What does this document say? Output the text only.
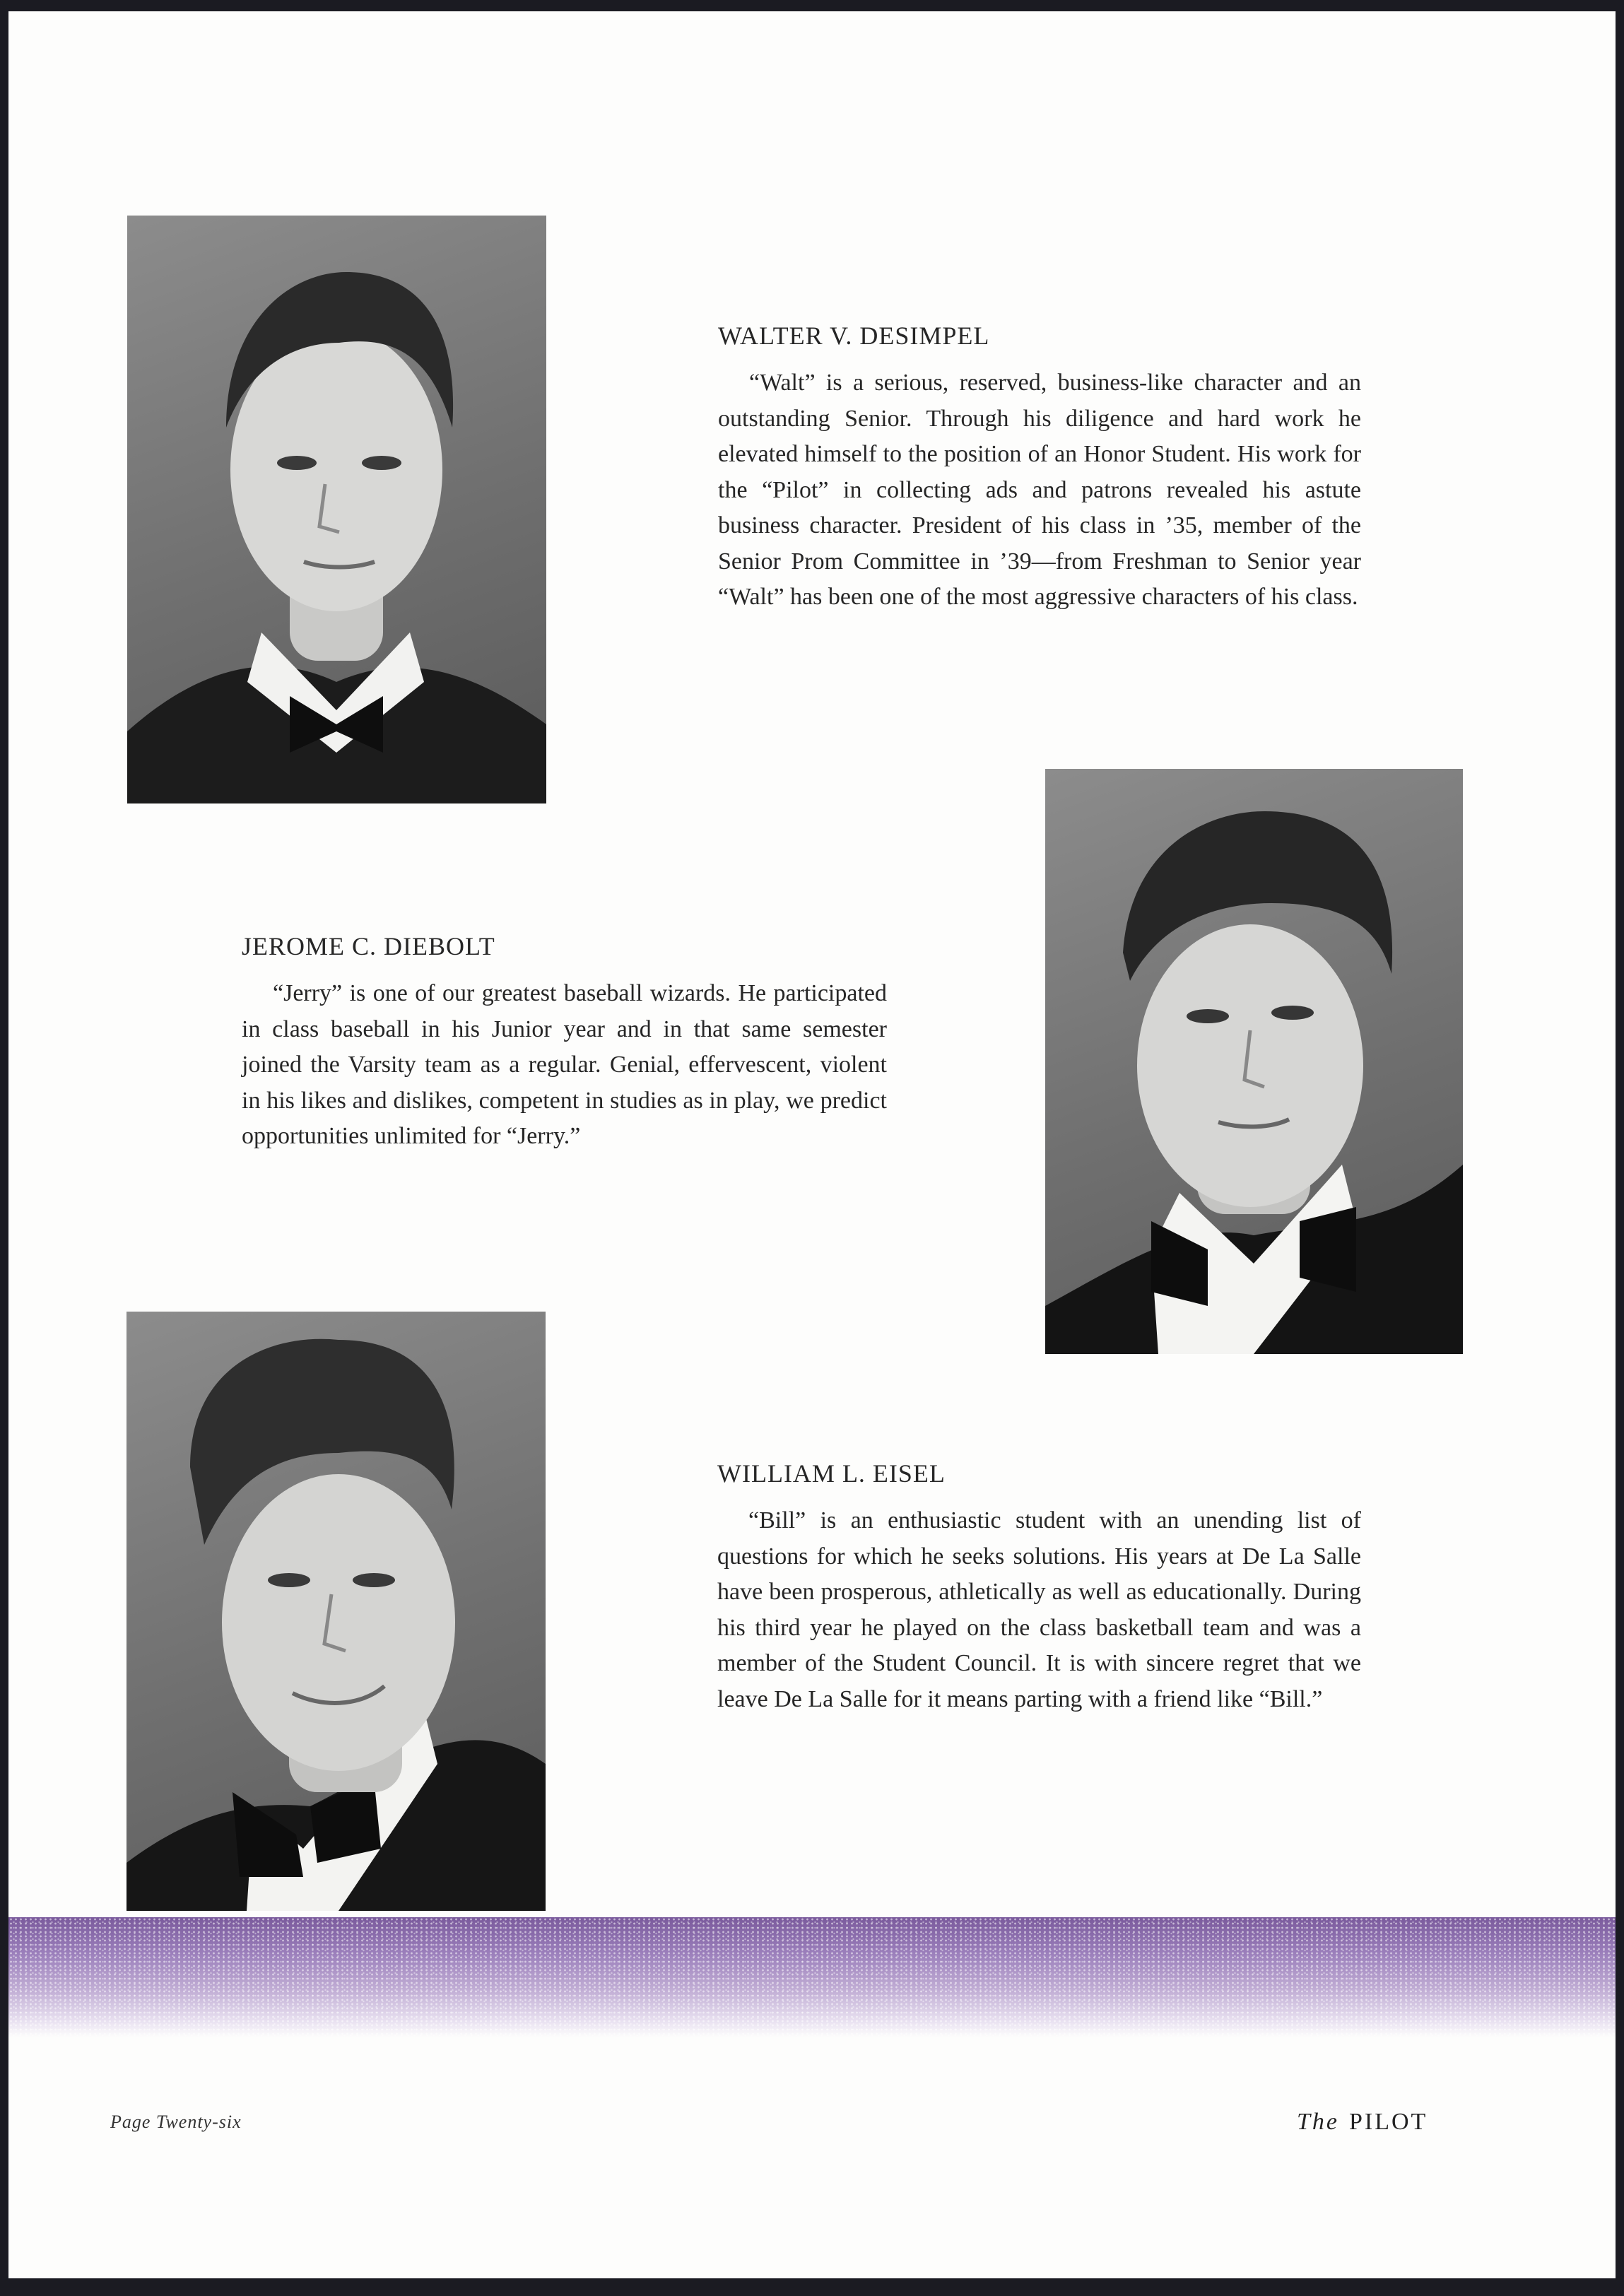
WALTER V. DESIMPEL

“Walt” is a serious, reserved, business-like character and an outstanding Senior. Through his diligence and hard work he elevated himself to the position of an Honor Student. His work for the “Pilot” in collecting ads and patrons revealed his astute business character. President of his class in ’35, member of the Senior Prom Committee in ’39—from Freshman to Senior year “Walt” has been one of the most aggressive characters of his class.

JEROME C. DIEBOLT

“Jerry” is one of our greatest baseball wizards. He participated in class baseball in his Junior year and in that same semester joined the Varsity team as a regular. Genial, effervescent, violent in his likes and dislikes, competent in studies as in play, we predict opportunities unlimited for “Jerry.”

WILLIAM L. EISEL

“Bill” is an enthusiastic student with an unending list of questions for which he seeks solutions. His years at De La Salle have been prosperous, athletically as well as educationally. During his third year he played on the class basketball team and was a member of the Student Council. It is with sincere regret that we leave De La Salle for it means parting with a friend like “Bill.”

Page Twenty-six	The PILOT
